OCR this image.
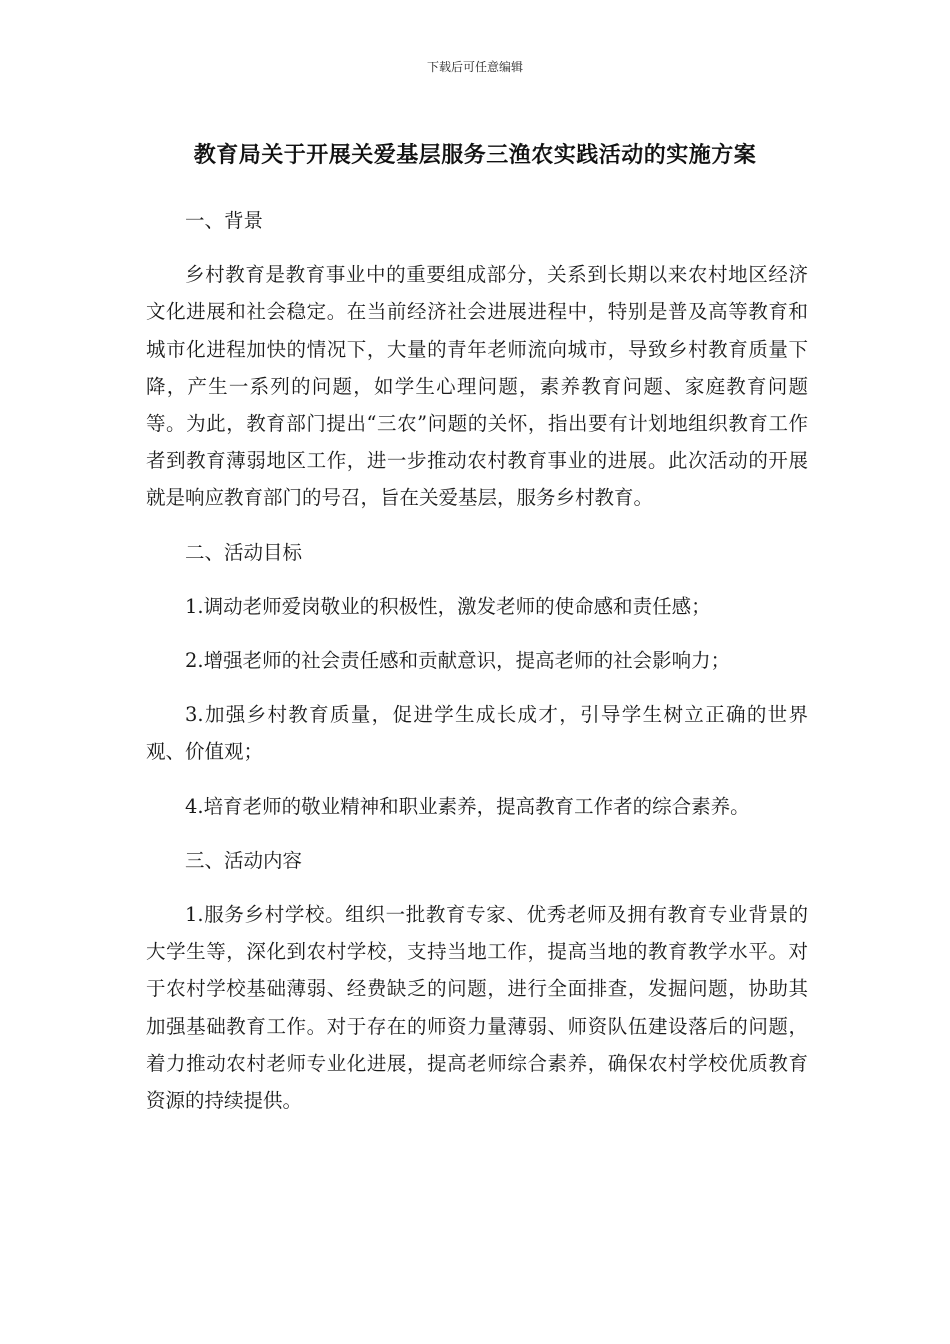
下载后可任意编辑
教育局关于开展关爱基层服务三渔农实践活动的实施方案

一、背景

乡村教育是教育事业中的重要组成部分，关系到长期以来农村地区经济文化进展和社会稳定。在当前经济社会进展进程中，特别是普及高等教育和城市化进程加快的情况下，大量的青年老师流向城市，导致乡村教育质量下降，产生一系列的问题，如学生心理问题，素养教育问题、家庭教育问题等。为此，教育部门提出“三农”问题的关怀，指出要有计划地组织教育工作者到教育薄弱地区工作，进一步推动农村教育事业的进展。此次活动的开展就是响应教育部门的号召，旨在关爱基层，服务乡村教育。

二、活动目标

1.调动老师爱岗敬业的积极性，激发老师的使命感和责任感；

2.增强老师的社会责任感和贡献意识，提高老师的社会影响力；

3.加强乡村教育质量，促进学生成长成才，引导学生树立正确的世界观、价值观；

4.培育老师的敬业精神和职业素养，提高教育工作者的综合素养。

三、活动内容

1.服务乡村学校。组织一批教育专家、优秀老师及拥有教育专业背景的大学生等，深化到农村学校，支持当地工作，提高当地的教育教学水平。对于农村学校基础薄弱、经费缺乏的问题，进行全面排查，发掘问题，协助其加强基础教育工作。对于存在的师资力量薄弱、师资队伍建设落后的问题，着力推动农村老师专业化进展，提高老师综合素养，确保农村学校优质教育资源的持续提供。
